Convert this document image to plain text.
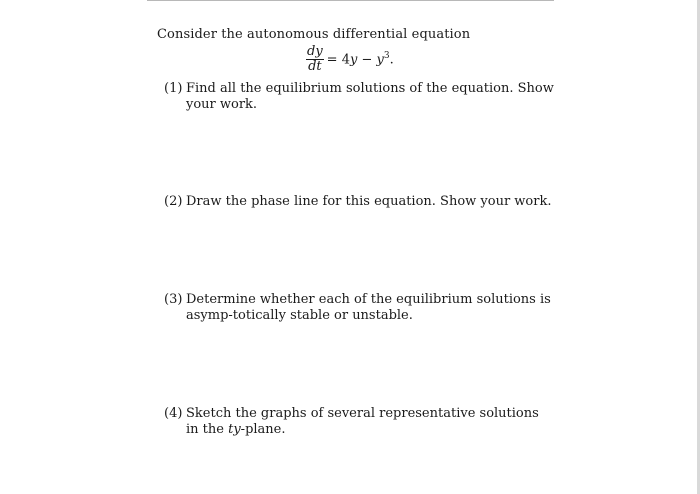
Consider the autonomous differential equation
$\frac{dy}{dt} = 4y - y^3$.
(1) Find all the equilibrium solutions of the equation. Show your work.
(2) Draw the phase line for this equation. Show your work.
(3) Determine whether each of the equilibrium solutions is asymp-totically stable or unstable.
(4) Sketch the graphs of several representative solutions in the ty-plane.
